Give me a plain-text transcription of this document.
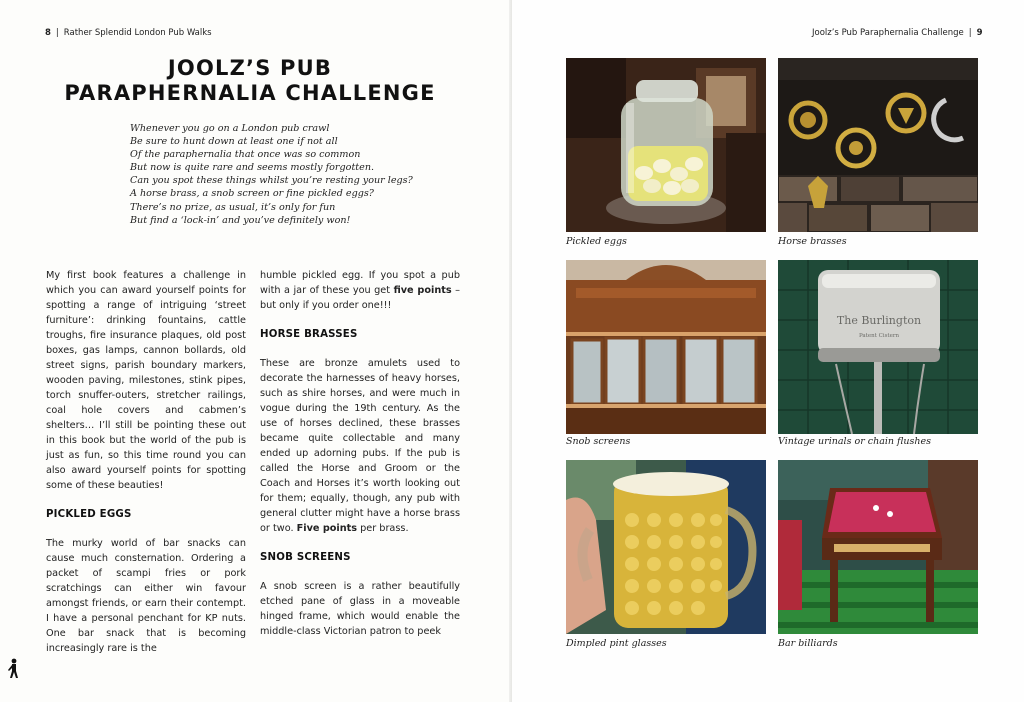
8 | Rather Splendid London Pub Walks
JOOLZ’S PUB
PARAPHERNALIA CHALLENGE
Whenever you go on a London pub crawl
Be sure to hunt down at least one if not all
Of the paraphernalia that once was so common
But now is quite rare and seems mostly forgotten.
Can you spot these things whilst you’re resting your legs?
A horse brass, a snob screen or fine pickled eggs?
There’s no prize, as usual, it’s only for fun
But find a ‘lock-in’ and you’ve definitely won!

My first book features a challenge in which you can award yourself points for spotting a range of intriguing ‘street furniture’: drinking fountains, cattle troughs, fire insurance plaques, old post boxes, gas lamps, cannon bollards, old street signs, parish boundary markers, wooden paving, milestones, stink pipes, torch snuffer-outers, stretcher railings, coal hole covers and cabmen’s shelters… I’ll still be pointing these out in this book but the world of the pub is just as fun, so this time round you can also award yourself points for spotting some of these beauties!

PICKLED EGGS

The murky world of bar snacks can cause much consternation. Ordering a packet of scampi fries or pork scratchings can either win favour amongst friends, or earn their contempt. I have a personal penchant for KP nuts. One bar snack that is becoming increasingly rare is the

humble pickled egg. If you spot a pub with a jar of these you get five points – but only if you order one!!!

HORSE BRASSES

These are bronze amulets used to decorate the harnesses of heavy horses, such as shire horses, and were much in vogue during the 19th century. As the use of horses declined, these brasses became quite collectable and many ended up adorning pubs. If the pub is called the Horse and Groom or the Coach and Horses it’s worth looking out for them; equally, though, any pub with general clutter might have a horse brass or two. Five points per brass.

SNOB SCREENS

A snob screen is a rather beautifully etched pane of glass in a moveable hinged frame, which would enable the middle-class Victorian patron to peek

Joolz’s Pub Paraphernalia Challenge | 9
Pickled eggs	Horse brasses
Snob screens
The Burlington
Patent Cistern
Vintage urinals or chain flushes
Dimpled pint glasses	Bar billiards
